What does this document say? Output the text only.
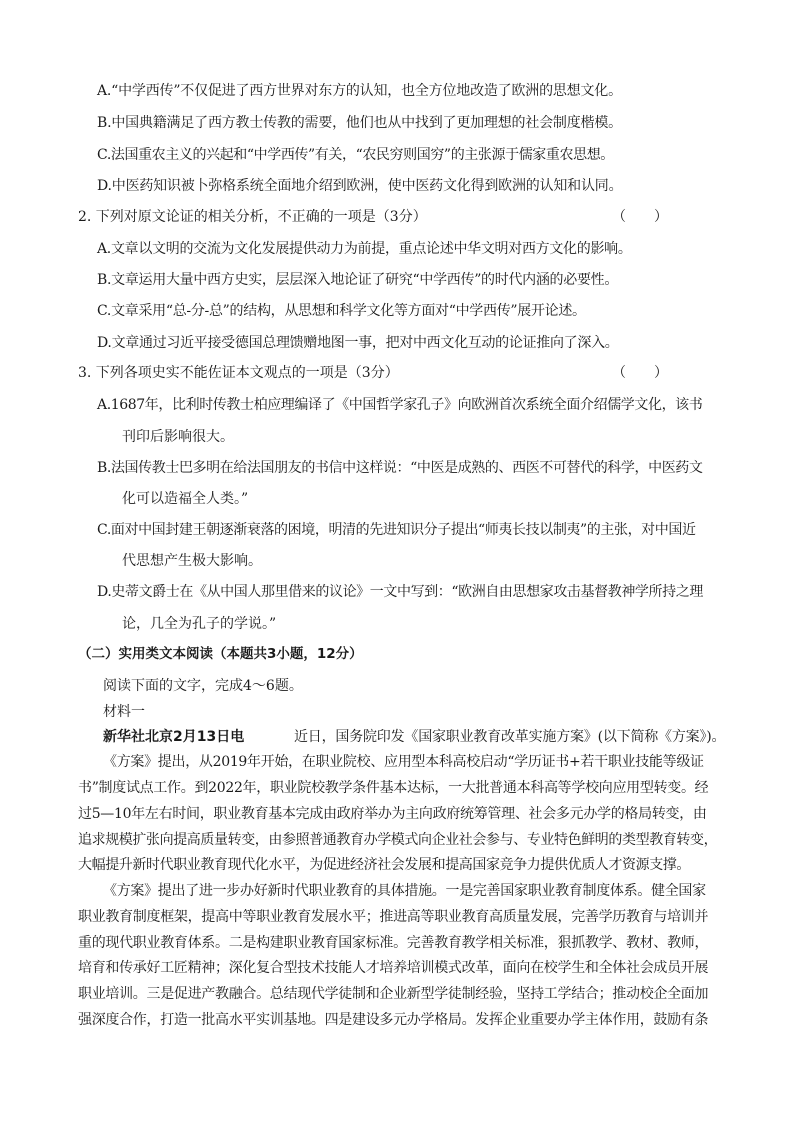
A.“中学西传”不仅促进了西方世界对东方的认知，也全方位地改造了欧洲的思想文化。
B.中国典籍满足了西方教士传教的需要，他们也从中找到了更加理想的社会制度楷模。
C.法国重农主义的兴起和“中学西传”有关，“农民穷则国穷”的主张源于儒家重农思想。
D.中医药知识被卜弥格系统全面地介绍到欧洲，使中医药文化得到欧洲的认知和认同。
2. 下列对原文论证的相关分析，不正确的一项是（3分）	（　　）
A.文章以文明的交流为文化发展提供动力为前提，重点论述中华文明对西方文化的影响。
B.文章运用大量中西方史实，层层深入地论证了研究“中学西传”的时代内涵的必要性。
C.文章采用“总-分-总”的结构，从思想和科学文化等方面对“中学西传”展开论述。
D.文章通过习近平接受德国总理馈赠地图一事，把对中西文化互动的论证推向了深入。
3. 下列各项史实不能佐证本文观点的一项是（3分）	（　　）
A.1687年，比利时传教士柏应理编译了《中国哲学家孔子》向欧洲首次系统全面介绍儒学文化，该书
刊印后影响很大。
B.法国传教士巴多明在给法国朋友的书信中这样说：“中医是成熟的、西医不可替代的科学，中医药文
化可以造福全人类。”
C.面对中国封建王朝逐渐衰落的困境，明清的先进知识分子提出“师夷长技以制夷”的主张，对中国近
代思想产生极大影响。
D.史蒂文爵士在《从中国人那里借来的议论》一文中写到：“欧洲自由思想家攻击基督教神学所持之理
论，几全为孔子的学说。”
（二）实用类文本阅读（本题共3小题，12分）
阅读下面的文字，完成4～6题。
材料一
新华社北京2月13日电	近日，国务院印发《国家职业教育改革实施方案》(以下简称《方案》)。
《方案》提出，从2019年开始，在职业院校、应用型本科高校启动“学历证书+若干职业技能等级证
书”制度试点工作。到2022年，职业院校教学条件基本达标，一大批普通本科高等学校向应用型转变。经
过5—10年左右时间，职业教育基本完成由政府举办为主向政府统筹管理、社会多元办学的格局转变，由
追求规模扩张向提高质量转变，由参照普通教育办学模式向企业社会参与、专业特色鲜明的类型教育转变，
大幅提升新时代职业教育现代化水平，为促进经济社会发展和提高国家竞争力提供优质人才资源支撑。
《方案》提出了进一步办好新时代职业教育的具体措施。一是完善国家职业教育制度体系。健全国家
职业教育制度框架，提高中等职业教育发展水平；推进高等职业教育高质量发展，完善学历教育与培训并
重的现代职业教育体系。二是构建职业教育国家标准。完善教育教学相关标准，狠抓教学、教材、教师，
培育和传承好工匠精神；深化复合型技术技能人才培养培训模式改革，面向在校学生和全体社会成员开展
职业培训。三是促进产教融合。总结现代学徒制和企业新型学徒制经验，坚持工学结合；推动校企全面加
强深度合作，打造一批高水平实训基地。四是建设多元办学格局。发挥企业重要办学主体作用，鼓励有条
